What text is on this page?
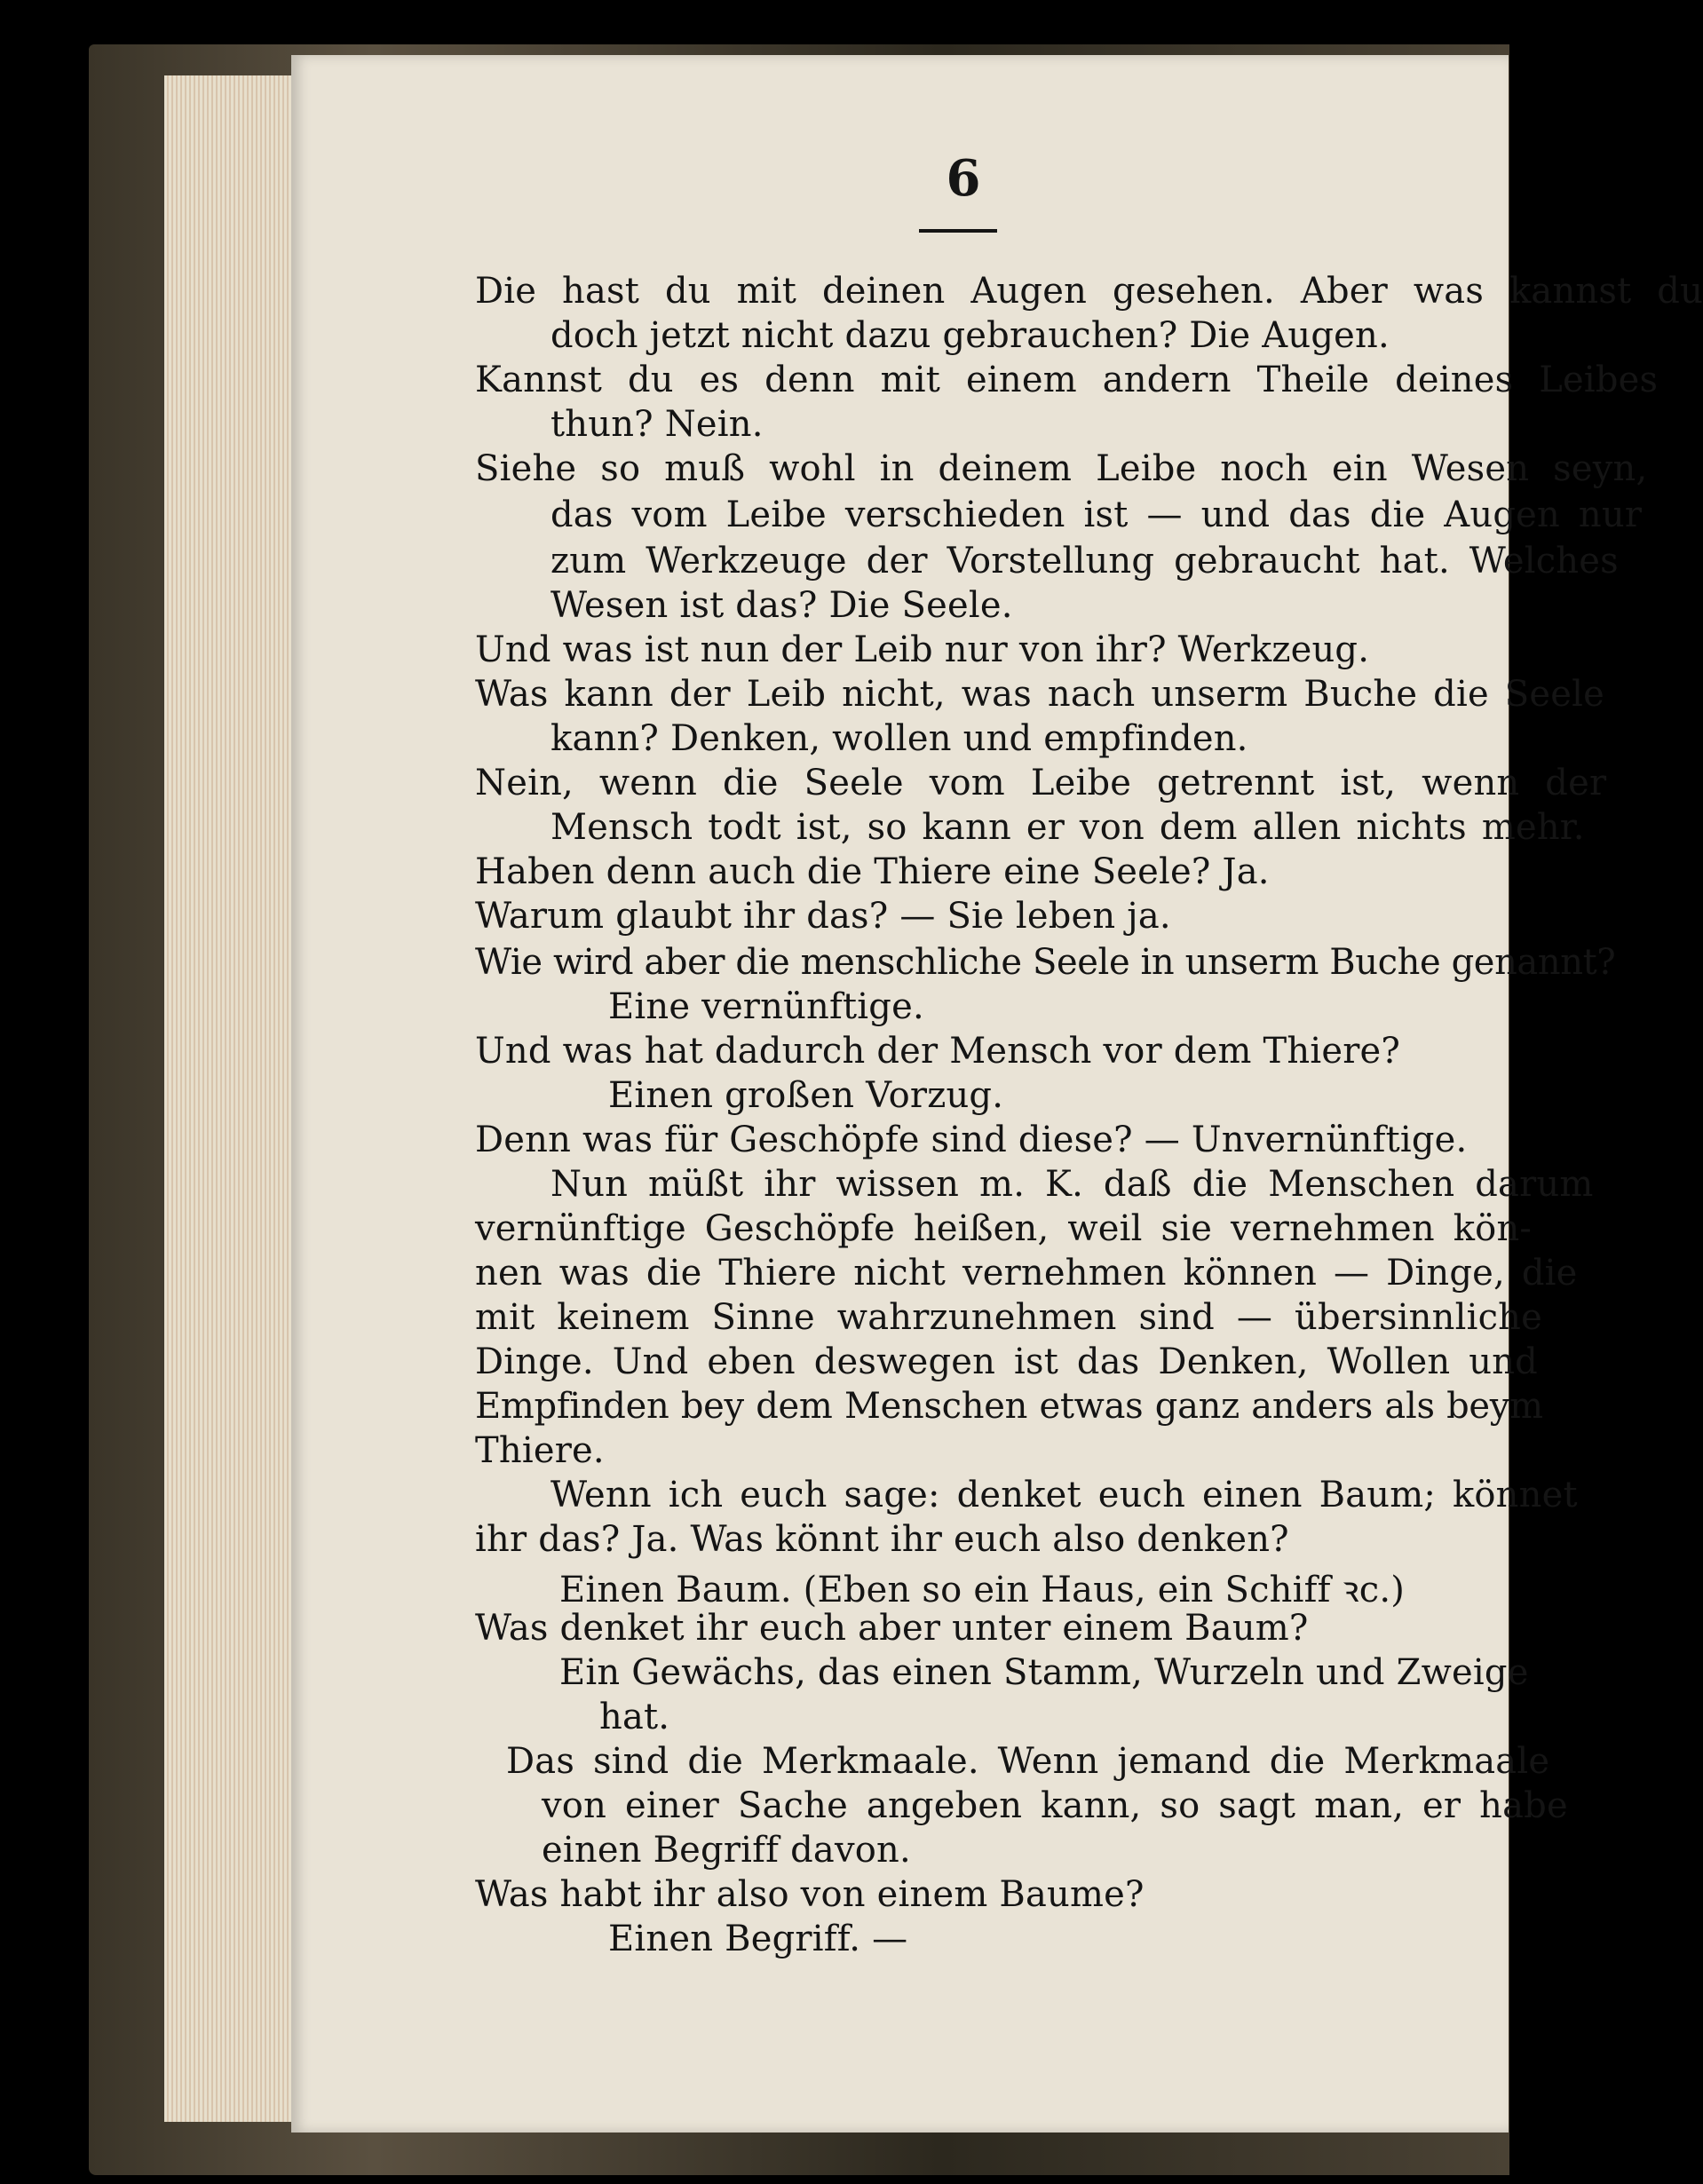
6
Die hast du mit deinen Augen gesehen. Aber was kannst du
doch jetzt nicht dazu gebrauchen? Die Augen.
Kannst du es denn mit einem andern Theile deines Leibes
thun? Nein.
Siehe so muß wohl in deinem Leibe noch ein Wesen seyn,
das vom Leibe verschieden ist — und das die Augen nur
zum Werkzeuge der Vorstellung gebraucht hat. Welches
Wesen ist das? Die Seele.
Und was ist nun der Leib nur von ihr? Werkzeug.
Was kann der Leib nicht, was nach unserm Buche die Seele
kann? Denken, wollen und empfinden.
Nein, wenn die Seele vom Leibe getrennt ist, wenn der
Mensch todt ist, so kann er von dem allen nichts mehr.
Haben denn auch die Thiere eine Seele? Ja.
Warum glaubt ihr das? — Sie leben ja.
Wie wird aber die menschliche Seele in unserm Buche genannt?
Eine vernünftige.
Und was hat dadurch der Mensch vor dem Thiere?
Einen großen Vorzug.
Denn was für Geschöpfe sind diese? — Unvernünftige.
Nun müßt ihr wissen m. K. daß die Menschen darum
vernünftige Geschöpfe heißen, weil sie vernehmen kön-
nen was die Thiere nicht vernehmen können — Dinge, die
mit keinem Sinne wahrzunehmen sind — übersinnliche
Dinge. Und eben deswegen ist das Denken, Wollen und
Empfinden bey dem Menschen etwas ganz anders als beym
Thiere.
Wenn ich euch sage: denket euch einen Baum; könnet
ihr das? Ja. Was könnt ihr euch also denken?
Einen Baum. (Eben so ein Haus, ein Schiff ꝛc.)
Was denket ihr euch aber unter einem Baum?
Ein Gewächs, das einen Stamm, Wurzeln und Zweige
hat.
Das sind die Merkmaale. Wenn jemand die Merkmaale
von einer Sache angeben kann, so sagt man, er habe
einen Begriff davon.
Was habt ihr also von einem Baume?
Einen Begriff. —
